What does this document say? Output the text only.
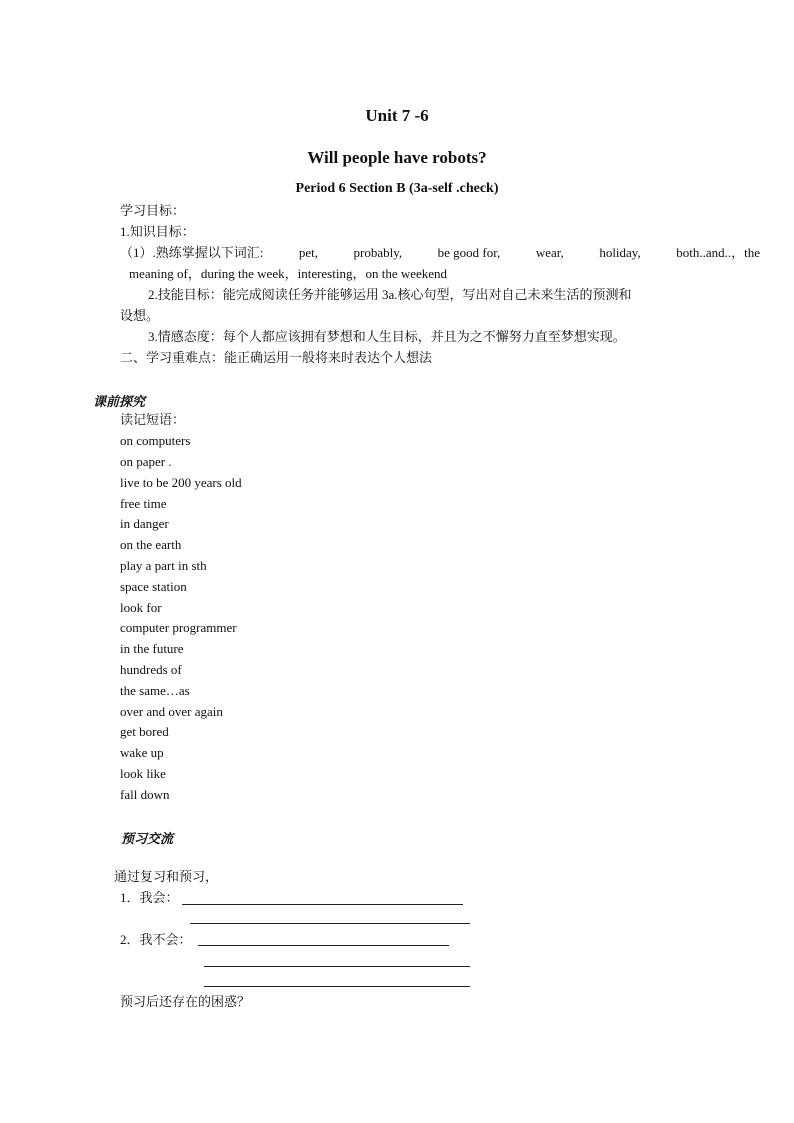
Unit 7 -6
Will people have robots?
Period 6 Section B (3a-self .check)
学习目标：
1.知识目标：
（1）.熟练掌握以下词汇:	pet,	probably,	be good for,	wear,	holiday,	both..and..，the
meaning of，during the week，interesting，on the weekend
2.技能目标：能完成阅读任务并能够运用 3a.核心句型，写出对自己未来生活的预测和
设想。
3.情感态度：每个人都应该拥有梦想和人生目标，并且为之不懈努力直至梦想实现。
二、学习重难点：能正确运用一般将来时表达个人想法
课前探究
读记短语：
on computers
on paper .
live to be 200 years old
free time
in danger
on the earth
play a part in sth
space station
look for
computer programmer
in the future
hundreds of
the same…as
over and over again
get bored
wake up
look like
fall down
预习交流
通过复习和预习，
1．我会：
2．我不会：
预习后还存在的困惑？
